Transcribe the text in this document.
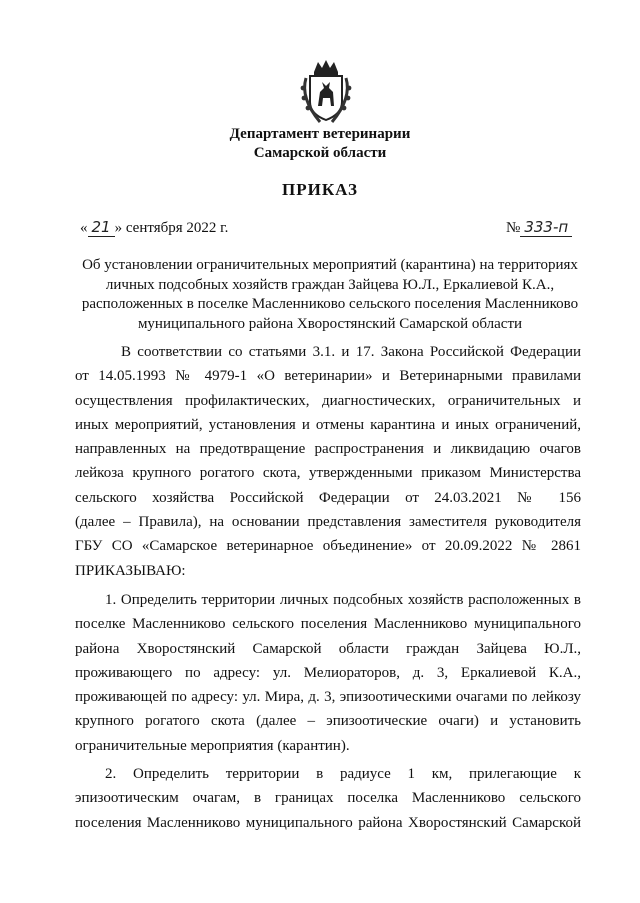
Департамент ветеринарии
Самарской области
ПРИКАЗ
« 21 » сентября 2022 г.	№ 333-п
Об установлении ограничительных мероприятий (карантина) на территориях
личных подсобных хозяйств граждан Зайцева Ю.Л., Еркалиевой К.А.,
расположенных в поселке Масленниково сельского поселения Масленниково
муниципального района Хворостянский Самарской области
В соответствии со статьями 3.1. и 17. Закона Российской Федерации
от 14.05.1993 № 4979-1 «О ветеринарии» и Ветеринарными правилами
осуществления профилактических, диагностических, ограничительных и
иных мероприятий, установления и отмены карантина и иных ограничений,
направленных на предотвращение распространения и ликвидацию очагов
лейкоза крупного рогатого скота, утвержденными приказом Министерства
сельского хозяйства Российской Федерации от 24.03.2021 № 156
(далее – Правила), на основании представления заместителя руководителя
ГБУ СО «Самарское ветеринарное объединение» от 20.09.2022 № 2861
ПРИКАЗЫВАЮ:
1. Определить территории личных подсобных хозяйств расположенных в
поселке Масленниково сельского поселения Масленниково муниципального
района Хворостянский Самарской области граждан Зайцева Ю.Л.,
проживающего по адресу: ул. Мелиораторов, д. 3, Еркалиевой К.А.,
проживающей по адресу: ул. Мира, д. 3, эпизоотическими очагами по лейкозу
крупного рогатого скота (далее – эпизоотические очаги) и установить
ограничительные мероприятия (карантин).
2. Определить территории в радиусе 1 км, прилегающие к
эпизоотическим очагам, в границах поселка Масленниково сельского
поселения Масленниково муниципального района Хворостянский Самарской
